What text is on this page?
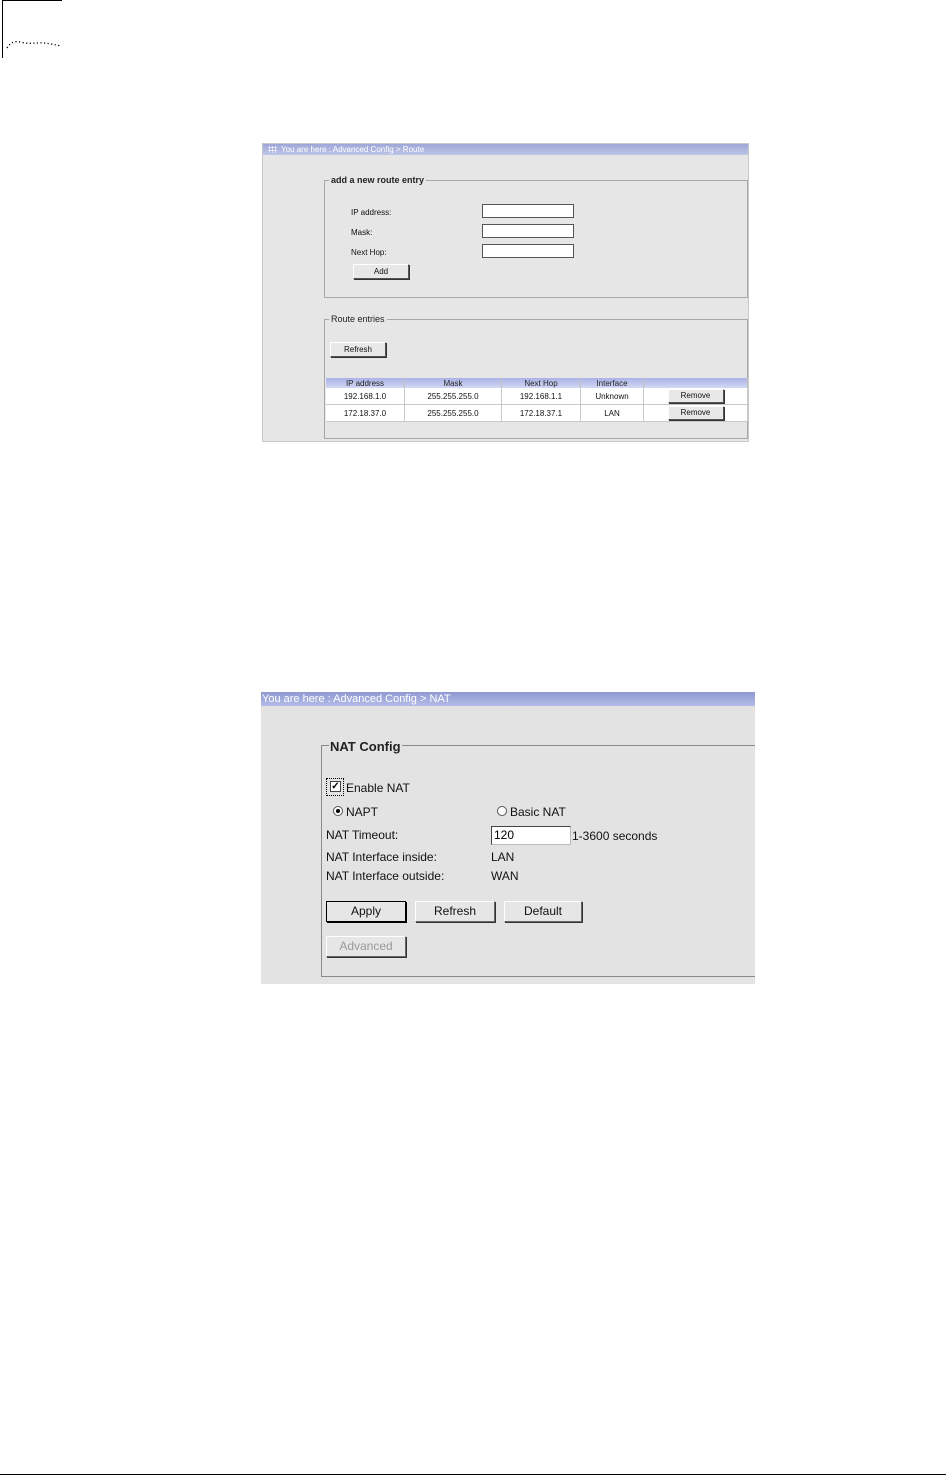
You are here : Advanced Config > Route
add a new route entry
IP address:
Mask:
Next Hop:
Add
Route entries
Refresh
IP address	Mask	Next Hop	Interface	
192.168.1.0	255.255.255.0	192.168.1.1	Unknown	Remove
172.18.37.0	255.255.255.0	172.18.37.1	LAN	Remove
You are here : Advanced Config > NAT
NAT Config
✓ Enable NAT
NAPT	Basic NAT
NAT Timeout:	120	1-3600 seconds
NAT Interface inside:	LAN
NAT Interface outside:	WAN
Apply	Refresh	Default
Advanced
